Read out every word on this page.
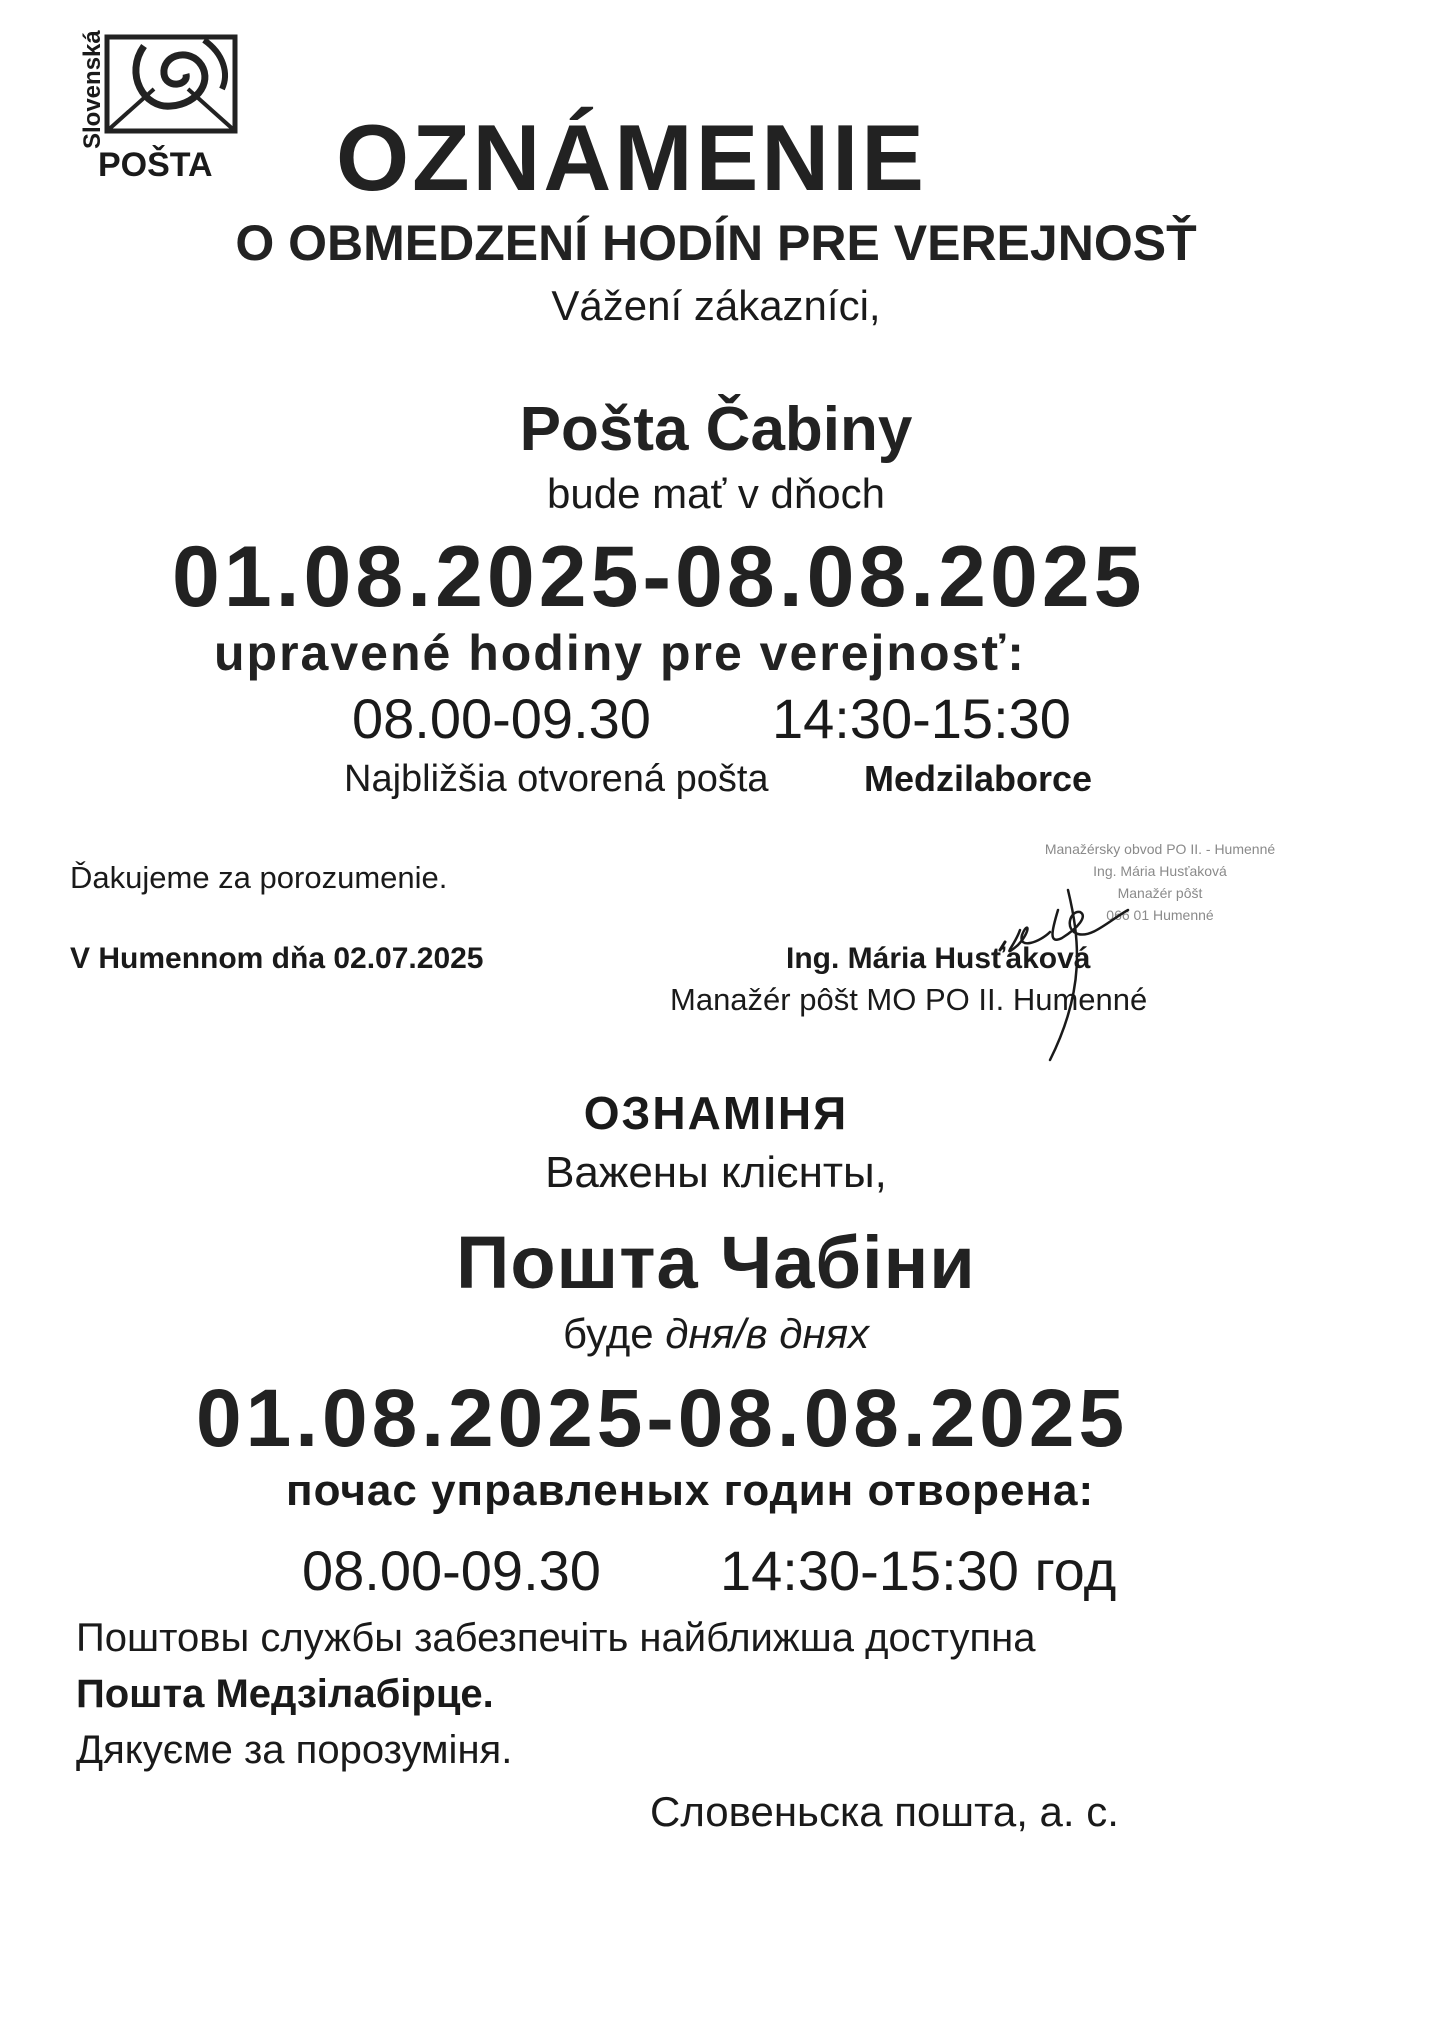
Slovenská
POŠTA OZNÁMENIE
O OBMEDZENÍ HODÍN PRE VEREJNOSŤ
Vážení zákazníci,
Pošta Čabiny
bude mať v dňoch
01.08.2025-08.08.2025
upravené hodiny pre verejnosť:
08.00-09.30 14:30-15:30
Najbližšia otvorená pošta	Medzilaborce
Ďakujeme za porozumenie.
V Humennom dňa 02.07.2025
Manažérsky obvod PO II. - Humenné
Ing. Mária Husťaková
Manažér pôšt
066 01 Humenné
Ing. Mária Husťaková
Manažér pôšt MO PO II. Humenné
ОЗНАМІНЯ
Важены клієнты,
Пошта Чабіни
буде дня/в днях
01.08.2025-08.08.2025
почас управленых годин отворена:
08.00-09.30 14:30-15:30 год
Поштовы службы забезпечіть найближша доступна
Пошта Медзілабірце.
Дякуєме за порозуміня.
Словеньска пошта, а. с.
